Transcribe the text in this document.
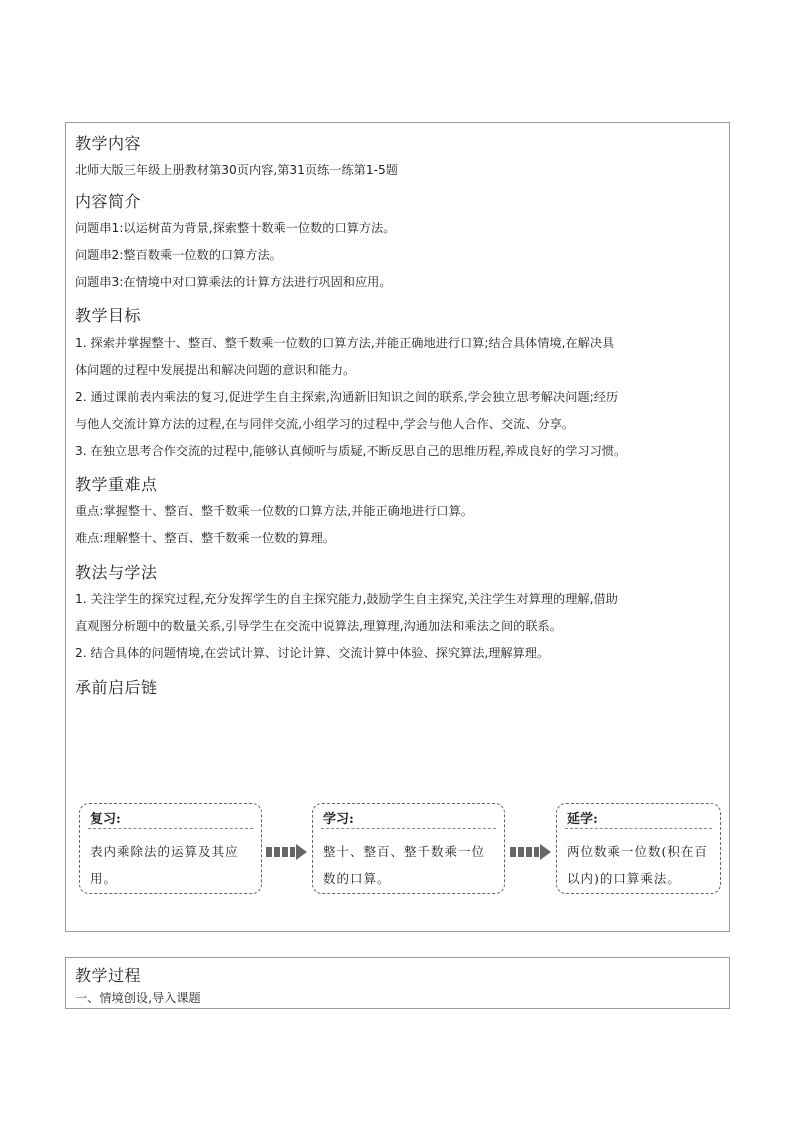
教学内容
北师大版三年级上册教材第30页内容,第31页练一练第1-5题
内容简介
问题串1:以运树苗为背景,探索整十数乘一位数的口算方法。
问题串2:整百数乘一位数的口算方法。
问题串3:在情境中对口算乘法的计算方法进行巩固和应用。
教学目标
1. 探索并掌握整十、整百、整千数乘一位数的口算方法,并能正确地进行口算;结合具体情境,在解决具
体问题的过程中发展提出和解决问题的意识和能力。
2. 通过课前表内乘法的复习,促进学生自主探索,沟通新旧知识之间的联系,学会独立思考解决问题;经历
与他人交流计算方法的过程,在与同伴交流,小组学习的过程中,学会与他人合作、交流、分享。
3. 在独立思考合作交流的过程中,能够认真倾听与质疑,不断反思自己的思维历程,养成良好的学习习惯。
教学重难点
重点:掌握整十、整百、整千数乘一位数的口算方法,并能正确地进行口算。
难点:理解整十、整百、整千数乘一位数的算理。
教法与学法
1. 关注学生的探究过程,充分发挥学生的自主探究能力,鼓励学生自主探究,关注学生对算理的理解,借助
直观图分析题中的数量关系,引导学生在交流中说算法,理算理,沟通加法和乘法之间的联系。
2. 结合具体的问题情境,在尝试计算、讨论计算、交流计算中体验、探究算法,理解算理。
承前启后链
复习:
表内乘除法的运算及其应用。
学习:
整十、整百、整千数乘一位数的口算。
延学:
两位数乘一位数(积在百以内)的口算乘法。
教学过程
一、情境创设,导入课题
